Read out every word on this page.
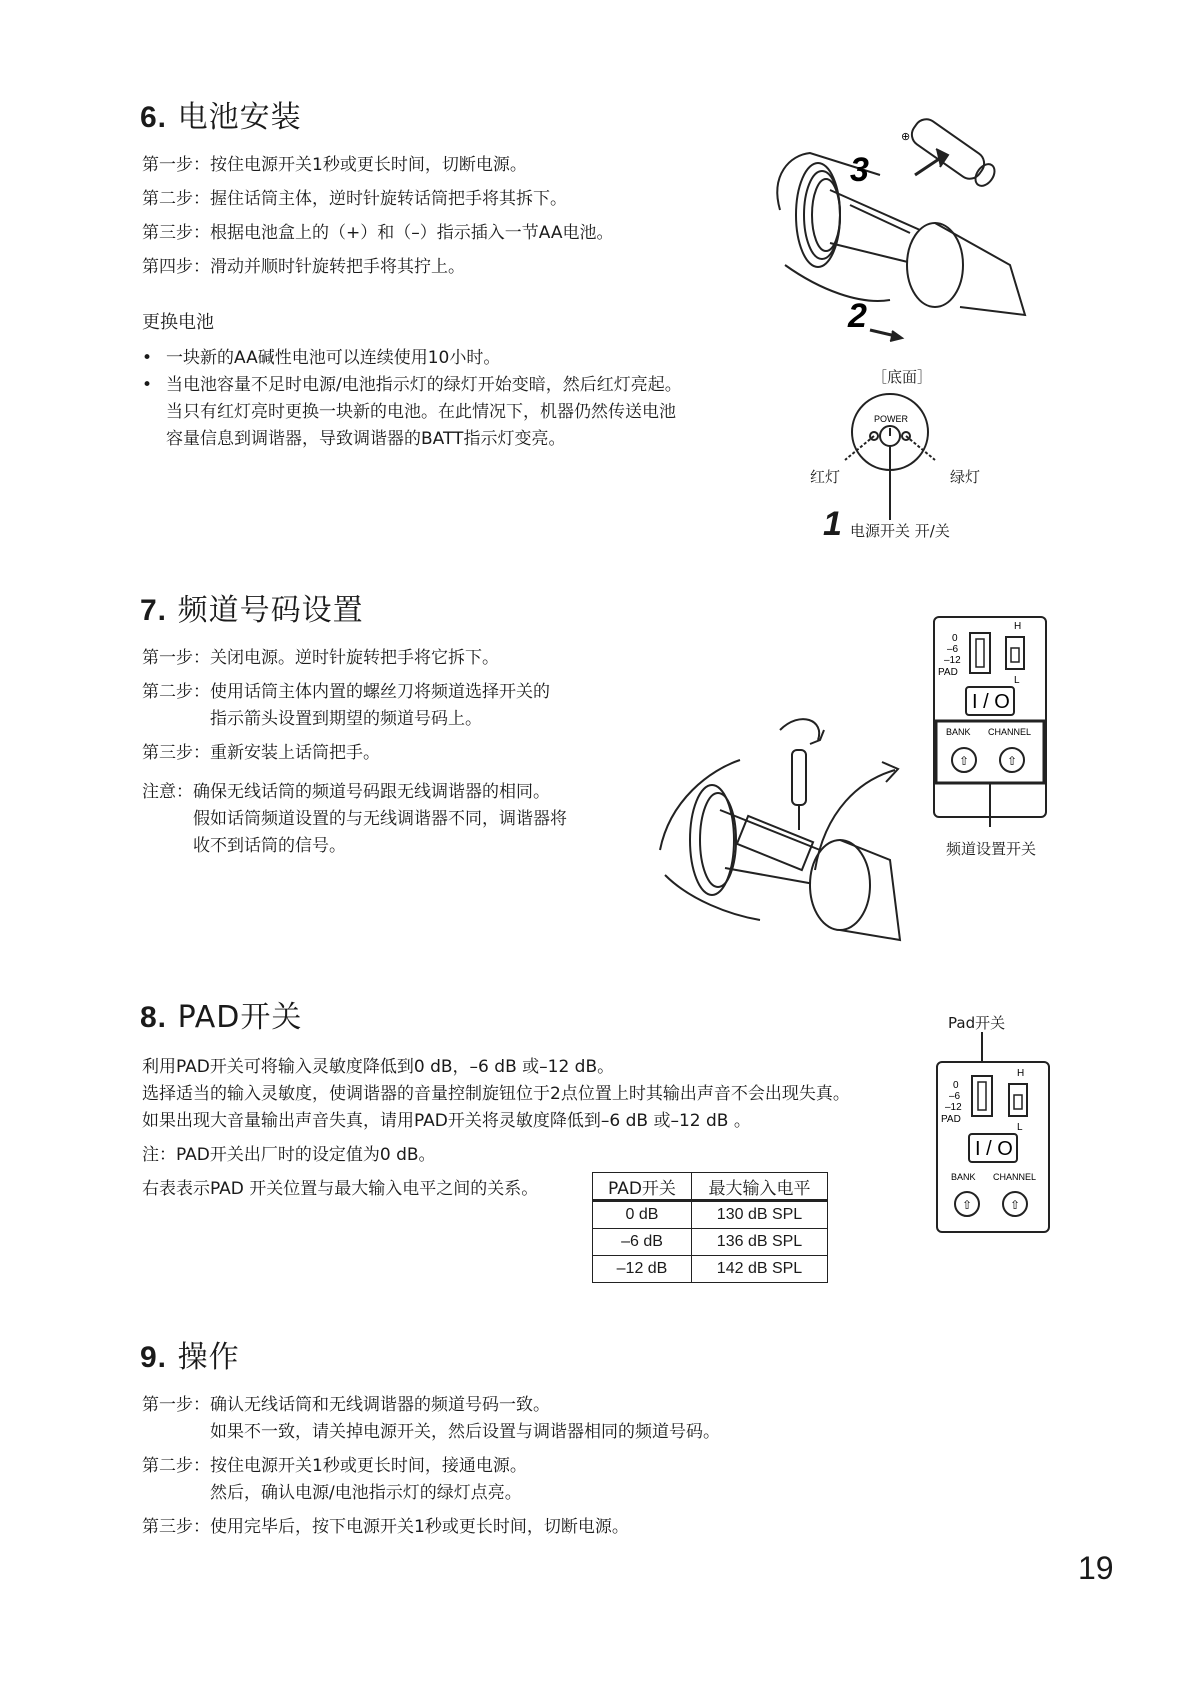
6. 电池安装
第一步： 按住电源开关1秒或更长时间，切断电源。
第二步： 握住话筒主体，逆时针旋转话筒把手将其拆下。
第三步： 根据电池盒上的（+）和（–）指示插入一节AA电池。
第四步： 滑动并顺时针旋转把手将其拧上。
更换电池
• 一块新的AA碱性电池可以连续使用10小时。
• 当电池容量不足时电源/电池指示灯的绿灯开始变暗，然后红灯亮起。
当只有红灯亮时更换一块新的电池。在此情况下，机器仍然传送电池
容量信息到调谐器，导致调谐器的BATT指示灯变亮。
⊕
3
2
［底面］
POWER
红灯	绿灯
1 电源开关 开/关
7. 频道号码设置
第一步： 关闭电源。逆时针旋转把手将它拆下。
第二步： 使用话筒主体内置的螺丝刀将频道选择开关的
指示箭头设置到期望的频道号码上。
第三步： 重新安装上话筒把手。
注意： 确保无线话筒的频道号码跟无线调谐器的相同。
假如话筒频道设置的与无线调谐器不同，调谐器将
收不到话筒的信号。
0
–6
–12
PAD
H
L
I / O
BANK CHANNEL
⇧	⇧
频道设置开关
8. PAD开关
利用PAD开关可将输入灵敏度降低到0 dB，–6 dB 或–12 dB。
选择适当的输入灵敏度，使调谐器的音量控制旋钮位于2点位置上时其输出声音不会出现失真。
如果出现大音量输出声音失真，请用PAD开关将灵敏度降低到–6 dB 或–12 dB 。
注：PAD开关出厂时的设定值为0 dB。
右表表示PAD 开关位置与最大输入电平之间的关系。	PAD开关	最大输入电平
0 dB	130 dB SPL
–6 dB	136 dB SPL
–12 dB	142 dB SPL
Pad开关
0
–6
–12
PAD
H
L
I / O
BANK CHANNEL
⇧	⇧
9. 操作
第一步： 确认无线话筒和无线调谐器的频道号码一致。
如果不一致，请关掉电源开关，然后设置与调谐器相同的频道号码。
第二步： 按住电源开关1秒或更长时间，接通电源。
然后，确认电源/电池指示灯的绿灯点亮。
第三步： 使用完毕后，按下电源开关1秒或更长时间，切断电源。
19
